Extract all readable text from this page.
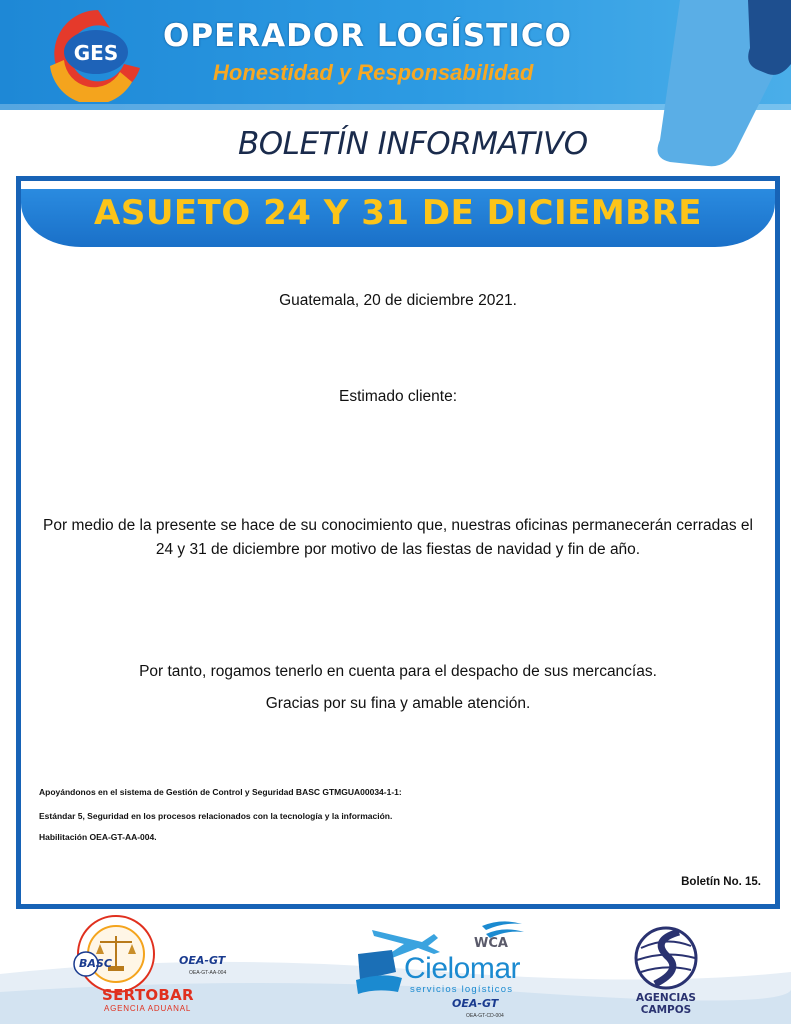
GES OPERADOR LOGÍSTICO
Honestidad y Responsabilidad
BOLETÍN INFORMATIVO
ASUETO 24 Y 31 DE DICIEMBRE
Guatemala, 20 de diciembre 2021.
Estimado cliente:
Por medio de la presente se hace de su conocimiento que, nuestras oficinas permanecerán cerradas el 24 y 31 de diciembre por motivo de las fiestas de navidad y fin de año.
Por tanto, rogamos tenerlo en cuenta para el despacho de sus mercancías.
Gracias por su fina y amable atención.
Apoyándonos en el sistema de Gestión de Control y Seguridad BASC GTMGUA00034-1-1:
Estándar 5, Seguridad en los procesos relacionados con la tecnología y la información.
Habilitación OEA-GT-AA-004.
Boletín No. 15.
BASC	OEA-GT
OEA-GT-AA-004
SERTOBAR
AGENCIA ADUANAL
WCA
Cielomar
servicios logísticos
OEA-GT
OEA-GT-CD-004
AGENCIAS
CAMPOS
